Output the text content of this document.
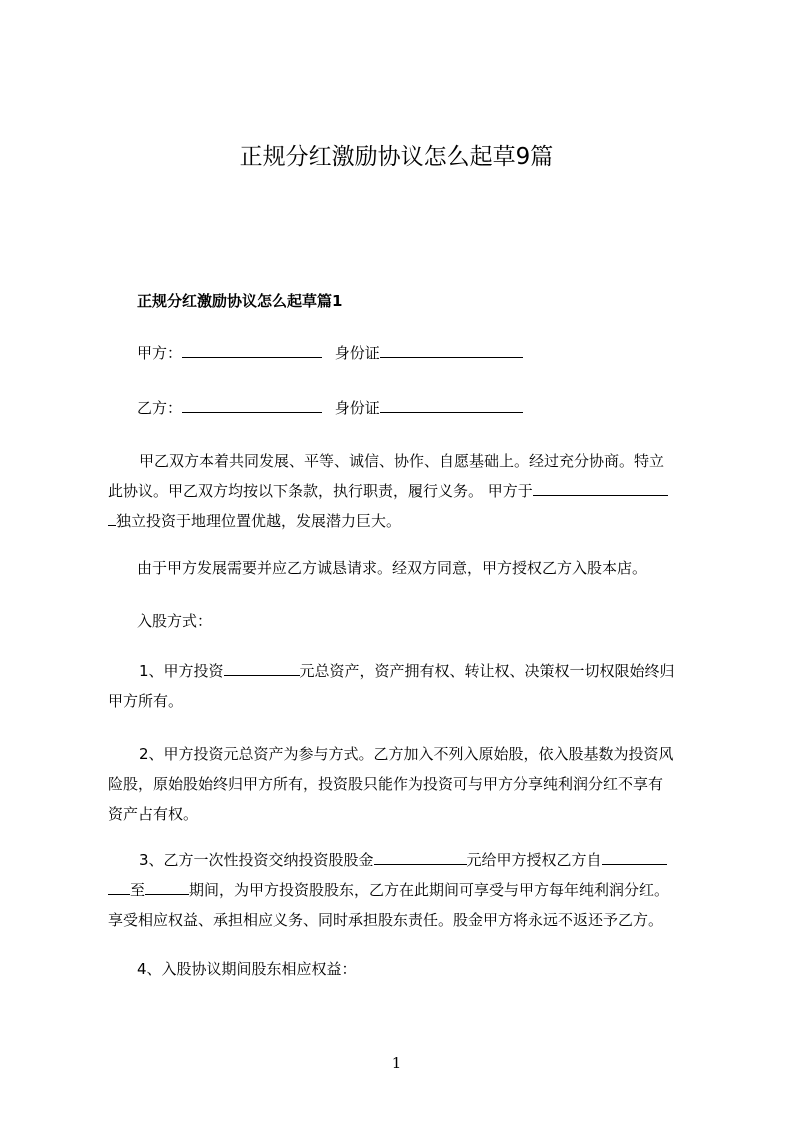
正规分红激励协议怎么起草9篇
正规分红激励协议怎么起草篇1
甲方：	身份证
乙方：	身份证
甲乙双方本着共同发展、平等、诚信、协作、自愿基础上。经过充分协商。特立
此协议。甲乙双方均按以下条款，执行职责，履行义务。 甲方于
独立投资于地理位置优越，发展潜力巨大。
由于甲方发展需要并应乙方诚恳请求。经双方同意，甲方授权乙方入股本店。
入股方式：
1、甲方投资	元总资产，资产拥有权、转让权、决策权一切权限始终归
甲方所有。
2、甲方投资元总资产为参与方式。乙方加入不列入原始股，依入股基数为投资风
险股，原始股始终归甲方所有，投资股只能作为投资可与甲方分享纯利润分红不享有
资产占有权。
3、乙方一次性投资交纳投资股股金	元给甲方授权乙方自
至	期间，为甲方投资股股东，乙方在此期间可享受与甲方每年纯利润分红。
享受相应权益、承担相应义务、同时承担股东责任。股金甲方将永远不返还予乙方。
4、入股协议期间股东相应权益：
1
